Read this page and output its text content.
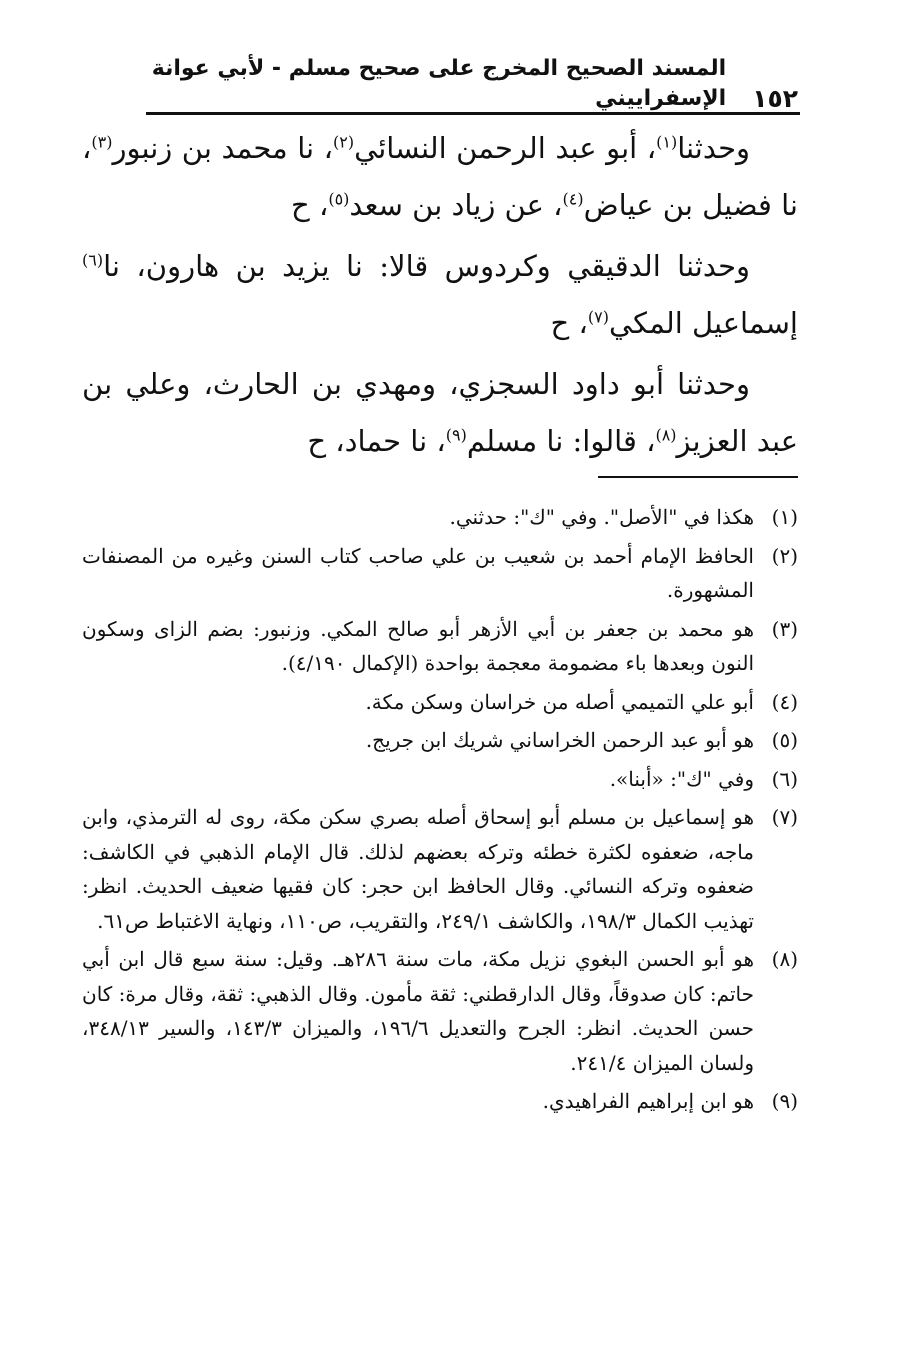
١٥٢
المسند الصحيح المخرج على صحيح مسلم - لأبي عوانة الإسفراييني

وحدثنا$^{(١)}$، أبو عبد الرحمن النسائي$^{(٢)}$، نا محمد بن زنبور$^{(٣)}$، نا فضيل بن عياض$^{(٤)}$، عن زياد بن سعد$^{(٥)}$، ح

وحدثنا الدقيقي وكردوس قالا: نا يزيد بن هارون، نا$^{(٦)}$ إسماعيل المكي$^{(٧)}$، ح

وحدثنا أبو داود السجزي، ومهدي بن الحارث، وعلي بن عبد العزيز$^{(٨)}$، قالوا: نا مسلم$^{(٩)}$، نا حماد، ح

(١)
هكذا في "الأصل". وفي "ك": حدثني.
(٢)
الحافظ الإمام أحمد بن شعيب بن علي صاحب كتاب السنن وغيره من المصنفات المشهورة.
(٣)
هو محمد بن جعفر بن أبي الأزهر أبو صالح المكي. وزنبور: بضم الزاى وسكون النون وبعدها باء مضمومة معجمة بواحدة (الإكمال ٤/١٩٠).
(٤)
أبو علي التميمي أصله من خراسان وسكن مكة.
(٥)
هو أبو عبد الرحمن الخراساني شريك ابن جريج.
(٦)
وفي "ك": «أبنا».
(٧)
هو إسماعيل بن مسلم أبو إسحاق أصله بصري سكن مكة، روى له الترمذي، وابن ماجه، ضعفوه لكثرة خطئه وتركه بعضهم لذلك. قال الإمام الذهبي في الكاشف: ضعفوه وتركه النسائي. وقال الحافظ ابن حجر: كان فقيها ضعيف الحديث. انظر: تهذيب الكمال ١٩٨/٣، والكاشف ٢٤٩/١، والتقريب، ص١١٠، ونهاية الاغتباط ص٦١.
(٨)
هو أبو الحسن البغوي نزيل مكة، مات سنة ٢٨٦هـ. وقيل: سنة سبع قال ابن أبي حاتم: كان صدوقاً، وقال الدارقطني: ثقة مأمون. وقال الذهبي: ثقة، وقال مرة: كان حسن الحديث. انظر: الجرح والتعديل ١٩٦/٦، والميزان ١٤٣/٣، والسير ٣٤٨/١٣، ولسان الميزان ٢٤١/٤.
(٩)
هو ابن إبراهيم الفراهيدي.
